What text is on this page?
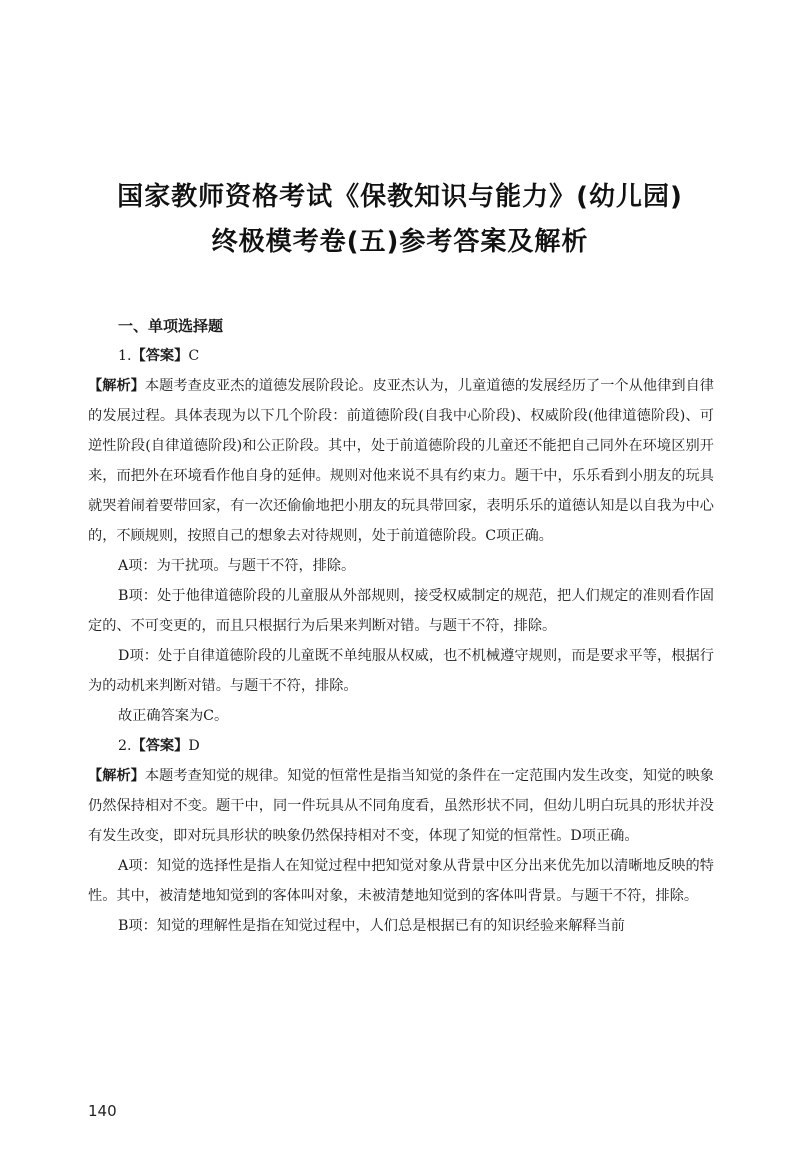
国家教师资格考试《保教知识与能力》(幼儿园)
终极模考卷(五)参考答案及解析
一、单项选择题
1.【答案】C
【解析】本题考查皮亚杰的道德发展阶段论。皮亚杰认为，儿童道德的发展经历了一个从他律到自律的发展过程。具体表现为以下几个阶段：前道德阶段(自我中心阶段)、权威阶段(他律道德阶段)、可逆性阶段(自律道德阶段)和公正阶段。其中，处于前道德阶段的儿童还不能把自己同外在环境区别开来，而把外在环境看作他自身的延伸。规则对他来说不具有约束力。题干中，乐乐看到小朋友的玩具就哭着闹着要带回家，有一次还偷偷地把小朋友的玩具带回家，表明乐乐的道德认知是以自我为中心的，不顾规则，按照自己的想象去对待规则，处于前道德阶段。C项正确。
A项：为干扰项。与题干不符，排除。
B项：处于他律道德阶段的儿童服从外部规则，接受权威制定的规范，把人们规定的准则看作固定的、不可变更的，而且只根据行为后果来判断对错。与题干不符，排除。
D项：处于自律道德阶段的儿童既不单纯服从权威，也不机械遵守规则，而是要求平等，根据行为的动机来判断对错。与题干不符，排除。
故正确答案为C。
2.【答案】D
【解析】本题考查知觉的规律。知觉的恒常性是指当知觉的条件在一定范围内发生改变，知觉的映象仍然保持相对不变。题干中，同一件玩具从不同角度看，虽然形状不同，但幼儿明白玩具的形状并没有发生改变，即对玩具形状的映象仍然保持相对不变，体现了知觉的恒常性。D项正确。
A项：知觉的选择性是指人在知觉过程中把知觉对象从背景中区分出来优先加以清晰地反映的特性。其中，被清楚地知觉到的客体叫对象，未被清楚地知觉到的客体叫背景。与题干不符，排除。
B项：知觉的理解性是指在知觉过程中，人们总是根据已有的知识经验来解释当前
140
